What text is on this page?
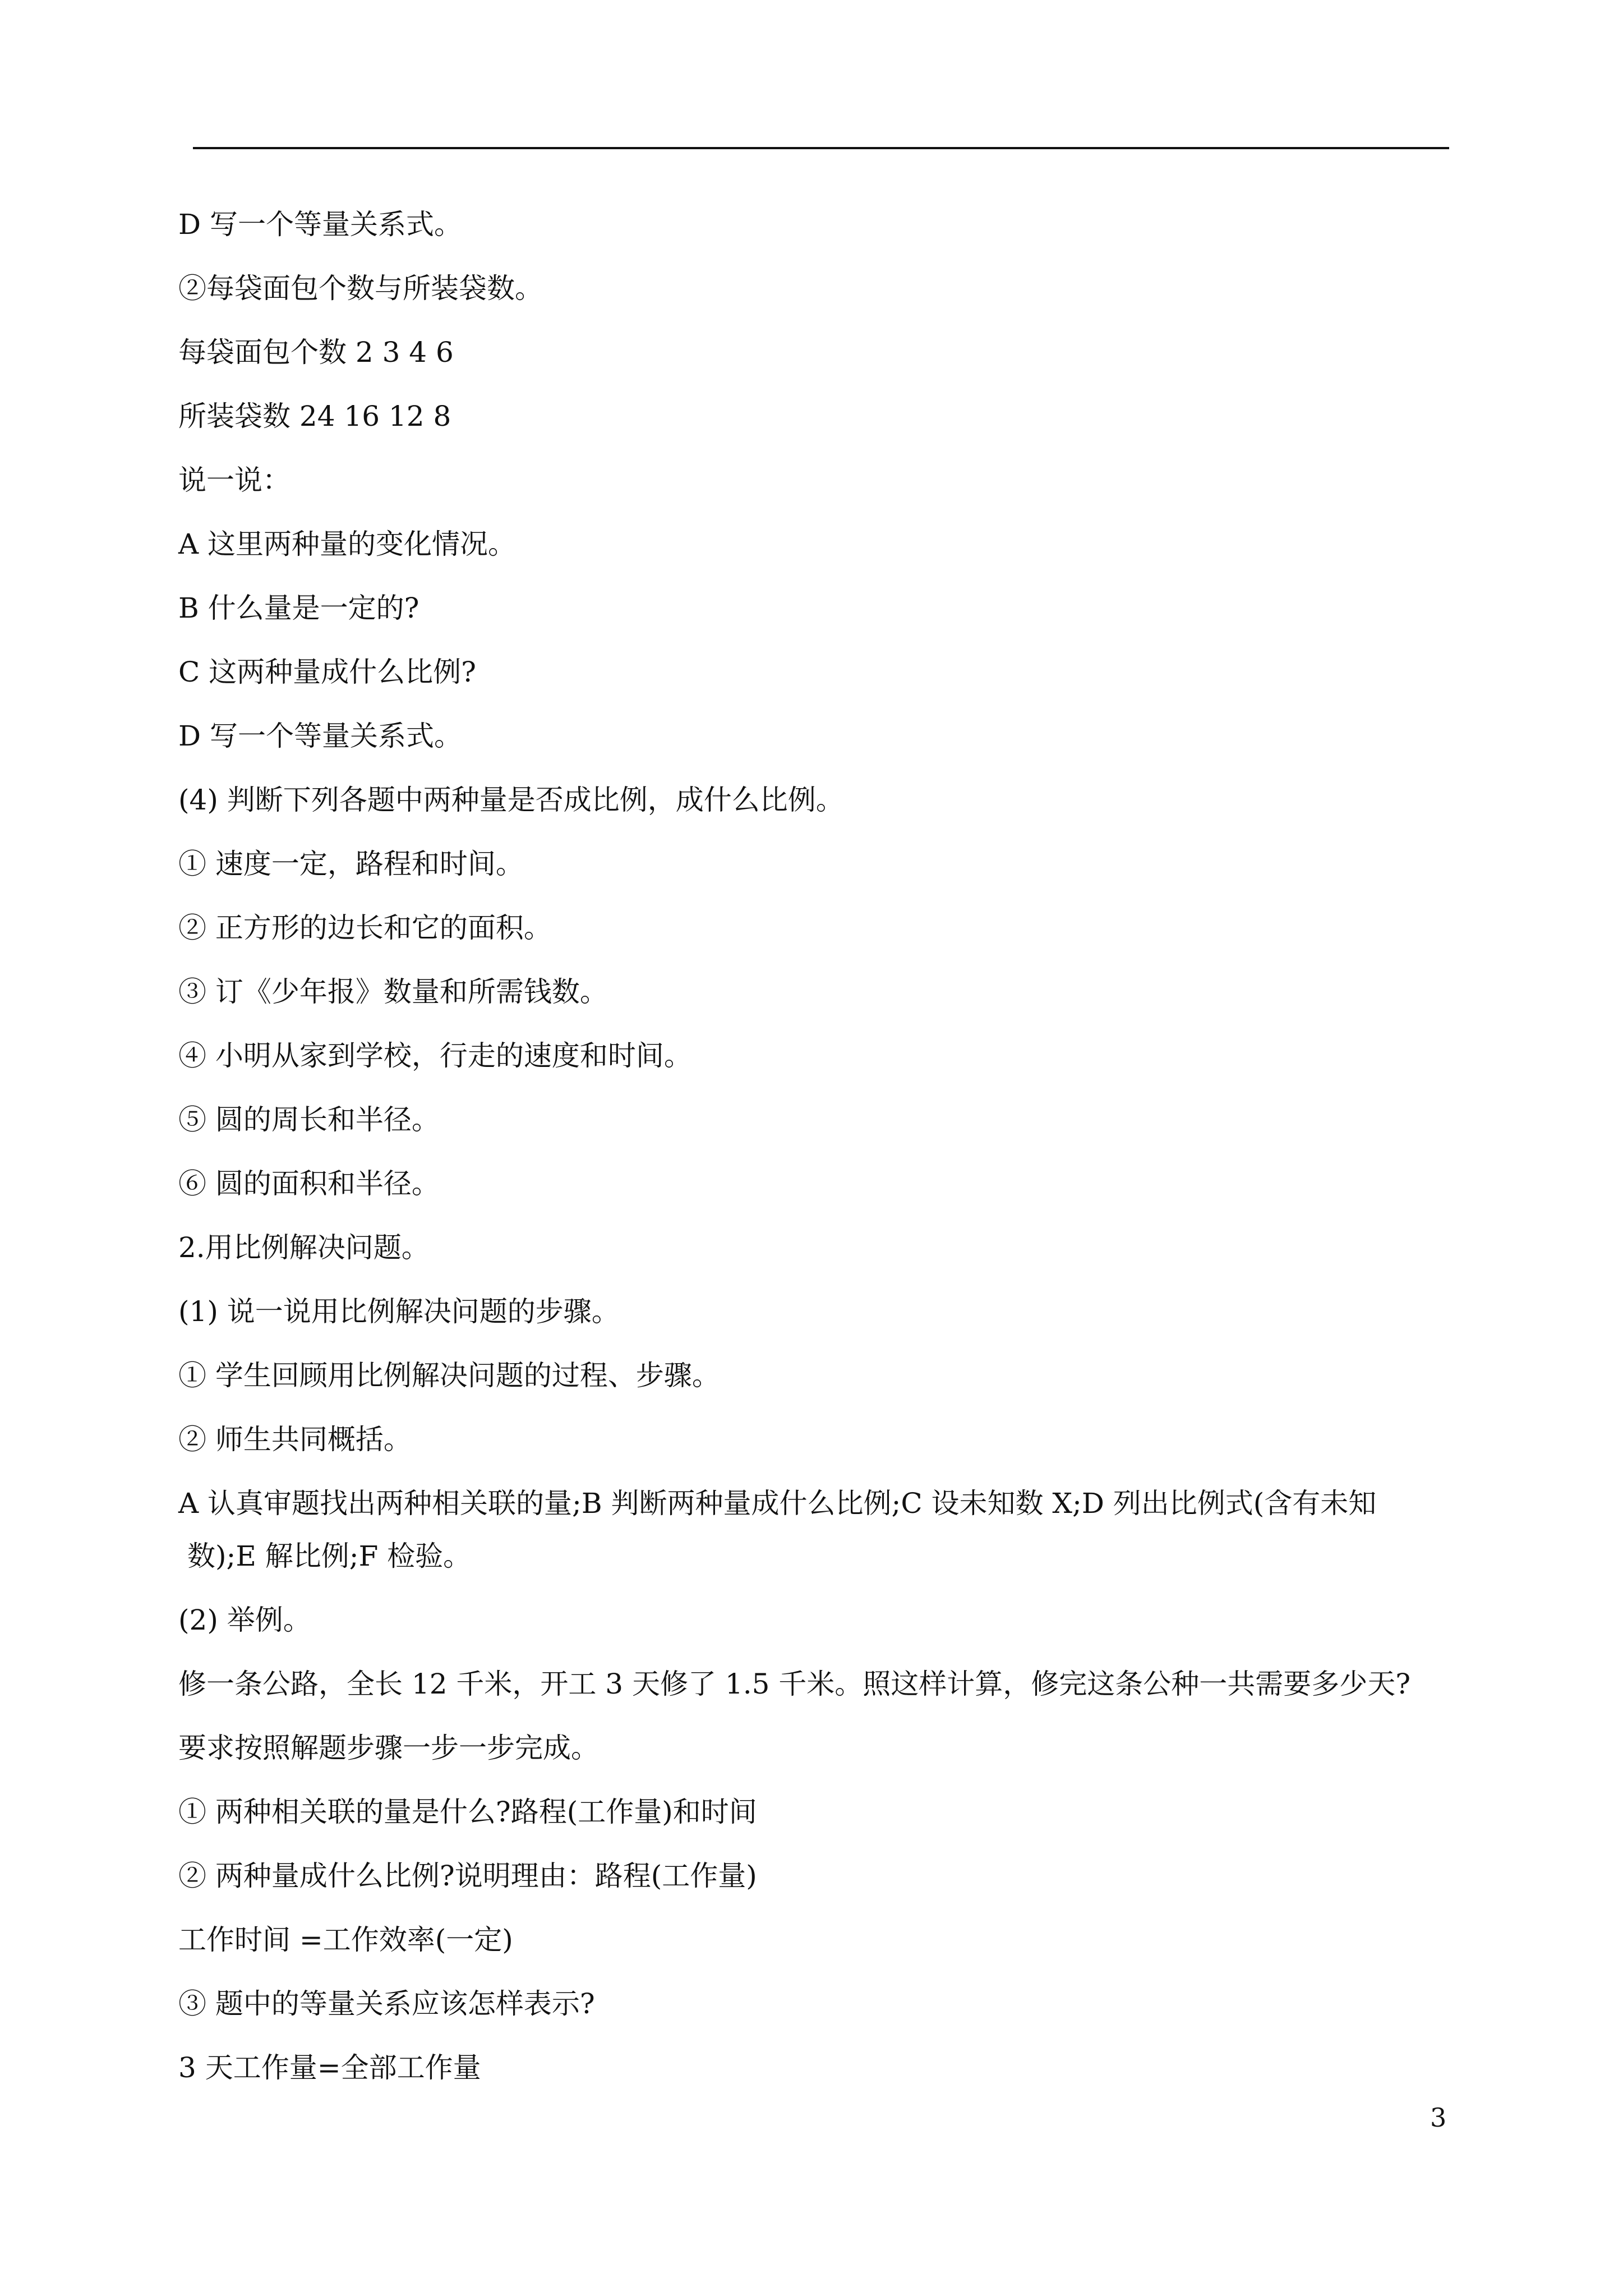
D 写一个等量关系式。
②每袋面包个数与所装袋数。
每袋面包个数 2 3 4 6
所装袋数 24 16 12 8
说一说：
A 这里两种量的变化情况。
B 什么量是一定的?
C 这两种量成什么比例?
D 写一个等量关系式。
(4) 判断下列各题中两种量是否成比例，成什么比例。
① 速度一定，路程和时间。
② 正方形的边长和它的面积。
③ 订《少年报》数量和所需钱数。
④ 小明从家到学校，行走的速度和时间。
⑤ 圆的周长和半径。
⑥ 圆的面积和半径。
2.用比例解决问题。
(1) 说一说用比例解决问题的步骤。
① 学生回顾用比例解决问题的过程、步骤。
② 师生共同概括。
A 认真审题找出两种相关联的量;B 判断两种量成什么比例;C 设未知数 X;D 列出比例式(含有未知
数);E 解比例;F 检验。
(2) 举例。
修一条公路，全长 12 千米，开工 3 天修了 1.5 千米。照这样计算，修完这条公种一共需要多少天?
要求按照解题步骤一步一步完成。
① 两种相关联的量是什么?路程(工作量)和时间
② 两种量成什么比例?说明理由：路程(工作量)
工作时间 =工作效率(一定)
③ 题中的等量关系应该怎样表示?
3 天工作量=全部工作量
3
